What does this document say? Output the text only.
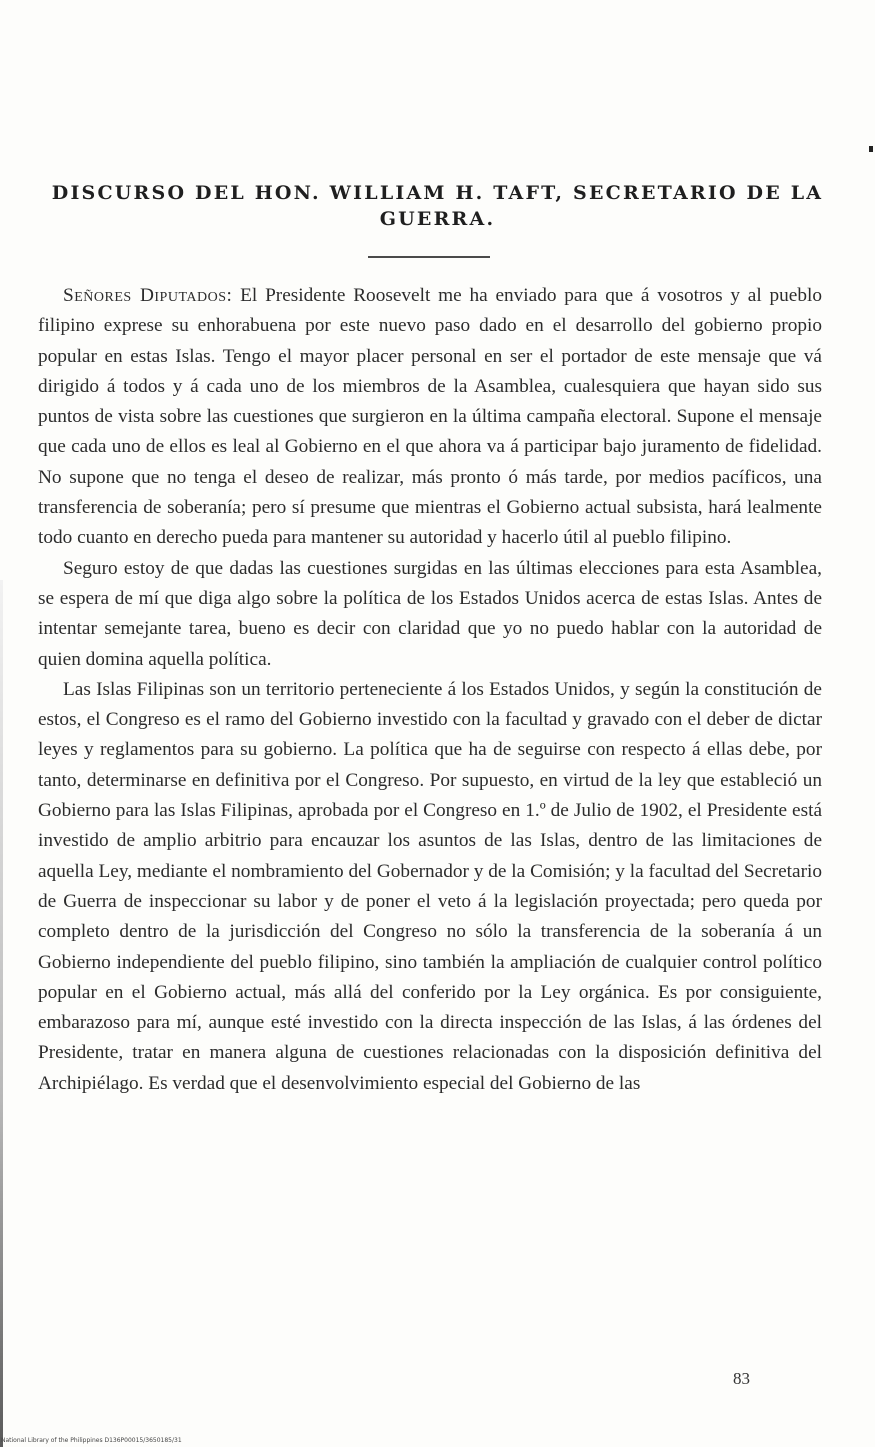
DISCURSO DEL HON. WILLIAM H. TAFT, SECRETARIO DE LA GUERRA.

Señores Diputados: El Presidente Roosevelt me ha enviado para que á vosotros y al pueblo filipino exprese su enhorabuena por este nuevo paso dado en el desarrollo del gobierno propio popular en estas Islas. Tengo el mayor placer personal en ser el portador de este mensaje que vá dirigido á todos y á cada uno de los miembros de la Asamblea, cualesquiera que hayan sido sus puntos de vista sobre las cuestiones que surgieron en la última campaña electoral. Supone el mensaje que cada uno de ellos es leal al Gobierno en el que ahora va á participar bajo juramento de fidelidad. No supone que no tenga el deseo de realizar, más pronto ó más tarde, por medios pacíficos, una transferencia de soberanía; pero sí presume que mientras el Gobierno actual subsista, hará lealmente todo cuanto en derecho pueda para mantener su autoridad y hacerlo útil al pueblo filipino.

Seguro estoy de que dadas las cuestiones surgidas en las últimas elecciones para esta Asamblea, se espera de mí que diga algo sobre la política de los Estados Unidos acerca de estas Islas. Antes de intentar semejante tarea, bueno es decir con claridad que yo no puedo hablar con la autoridad de quien domina aquella política.

Las Islas Filipinas son un territorio perteneciente á los Estados Unidos, y según la constitución de estos, el Congreso es el ramo del Gobierno investido con la facultad y gravado con el deber de dictar leyes y reglamentos para su gobierno. La política que ha de seguirse con respecto á ellas debe, por tanto, determinarse en definitiva por el Congreso. Por supuesto, en virtud de la ley que estableció un Gobierno para las Islas Filipinas, aprobada por el Congreso en 1.º de Julio de 1902, el Presidente está investido de amplio arbitrio para encauzar los asuntos de las Islas, dentro de las limitaciones de aquella Ley, mediante el nombramiento del Gobernador y de la Comisión; y la facultad del Secretario de Guerra de inspeccionar su labor y de poner el veto á la legislación proyectada; pero queda por completo dentro de la jurisdicción del Congreso no sólo la transferencia de la soberanía á un Gobierno independiente del pueblo filipino, sino también la ampliación de cualquier control político popular en el Gobierno actual, más allá del conferido por la Ley orgánica. Es por consiguiente, embarazoso para mí, aunque esté investido con la directa inspección de las Islas, á las órdenes del Presidente, tratar en manera alguna de cuestiones relacionadas con la disposición definitiva del Archipiélago. Es verdad que el desenvolvimiento especial del Gobierno de las

83
National Library of the Philippines D136P00015/3650185/31
